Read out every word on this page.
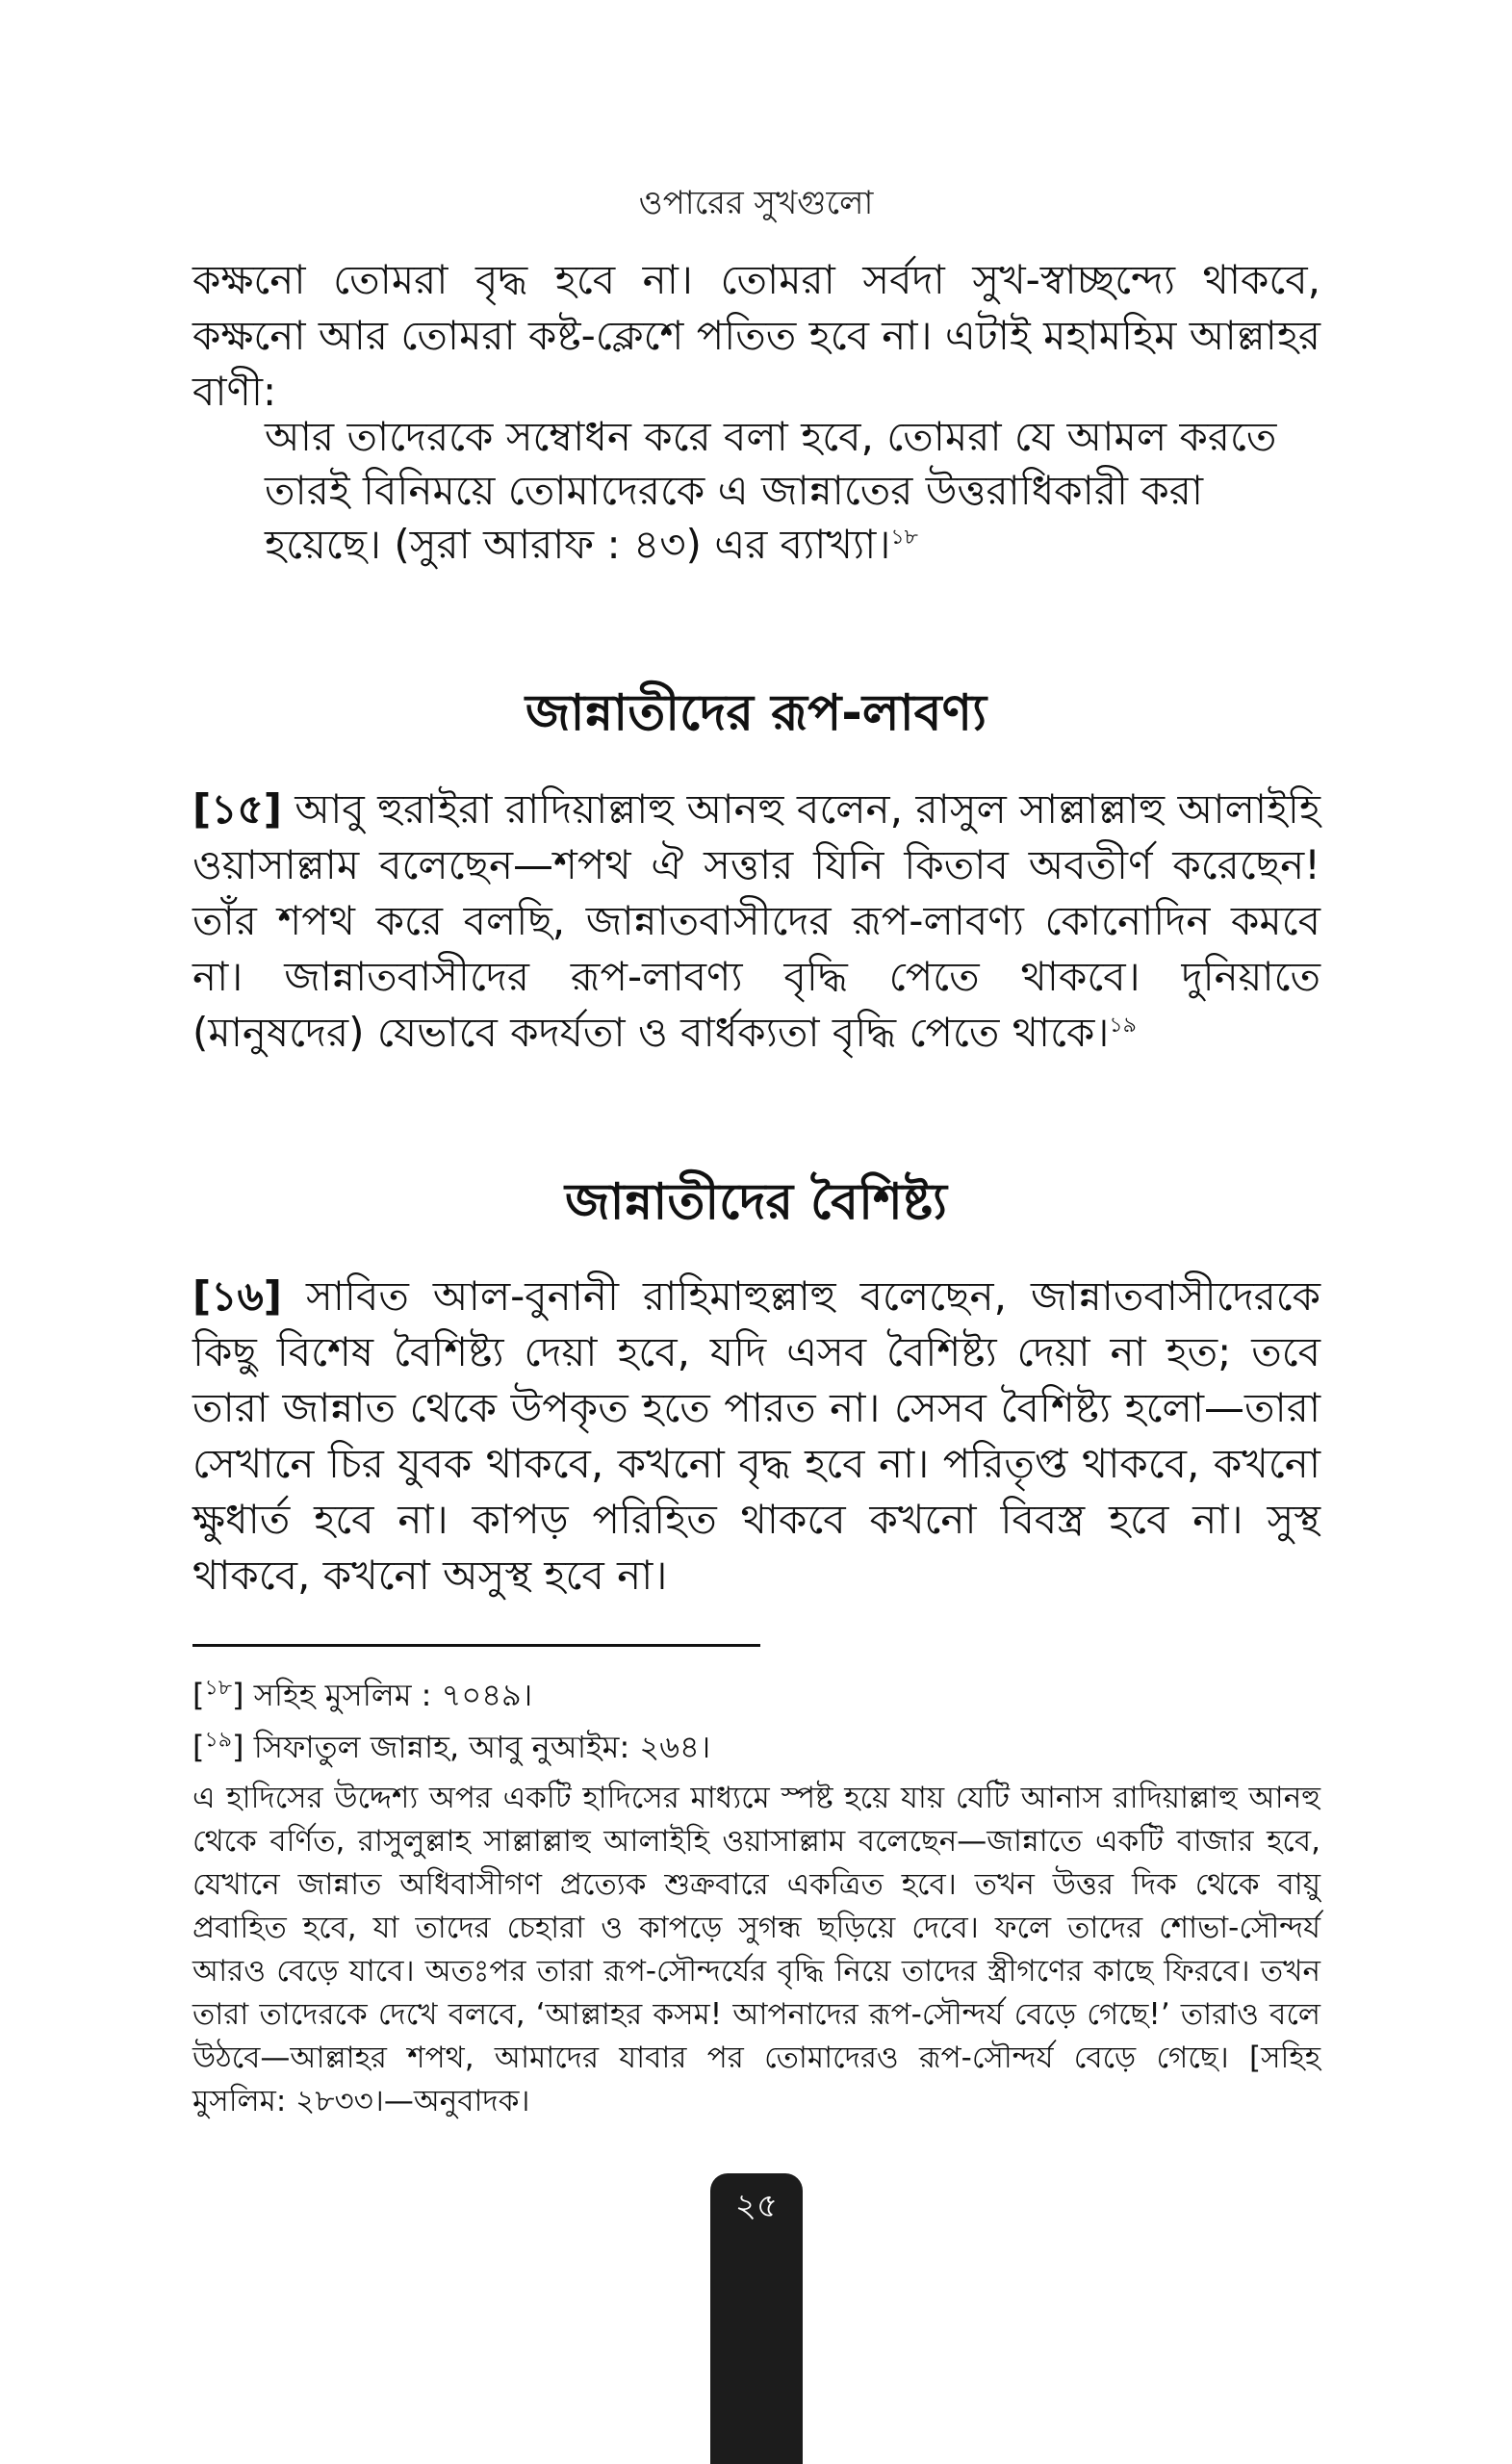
ওপারের সুখগুলো

কক্ষনো তোমরা বৃদ্ধ হবে না। তোমরা সর্বদা সুখ-স্বাচ্ছন্দ্যে থাকবে, কক্ষনো আর তোমরা কষ্ট-ক্লেশে পতিত হবে না। এটাই মহামহিম আল্লাহর বাণী:

আর তাদেরকে সম্বোধন করে বলা হবে, তোমরা যে আমল করতে তারই বিনিময়ে তোমাদেরকে এ জান্নাতের উত্তরাধিকারী করা হয়েছে। (সুরা আরাফ : ৪৩) এর ব্যাখ্যা।$^{১৮}$

জান্নাতীদের রূপ-লাবণ্য

[১৫] আবু হুরাইরা রাদিয়াল্লাহু আনহু বলেন, রাসুল সাল্লাল্লাহু আলাইহি ওয়াসাল্লাম বলেছেন—শপথ ঐ সত্তার যিনি কিতাব অবতীর্ণ করেছেন! তাঁর শপথ করে বলছি, জান্নাতবাসীদের রূপ-লাবণ্য কোনোদিন কমবে না। জান্নাতবাসীদের রূপ-লাবণ্য বৃদ্ধি পেতে থাকবে। দুনিয়াতে (মানুষদের) যেভাবে কদর্যতা ও বার্ধক্যতা বৃদ্ধি পেতে থাকে।$^{১৯}$

জান্নাতীদের বৈশিষ্ট্য

[১৬] সাবিত আল-বুনানী রাহিমাহুল্লাহু বলেছেন, জান্নাতবাসীদেরকে কিছু বিশেষ বৈশিষ্ট্য দেয়া হবে, যদি এসব বৈশিষ্ট্য দেয়া না হত; তবে তারা জান্নাত থেকে উপকৃত হতে পারত না। সেসব বৈশিষ্ট্য হলো—তারা সেখানে চির যুবক থাকবে, কখনো বৃদ্ধ হবে না। পরিতৃপ্ত থাকবে, কখনো ক্ষুধার্ত হবে না। কাপড় পরিহিত থাকবে কখনো বিবস্ত্র হবে না। সুস্থ থাকবে, কখনো অসুস্থ হবে না।

[$^{১৮}$] সহিহ মুসলিম : ৭০৪৯।

[$^{১৯}$] সিফাতুল জান্নাহ, আবু নুআইম: ২৬৪।

এ হাদিসের উদ্দেশ্য অপর একটি হাদিসের মাধ্যমে স্পষ্ট হয়ে যায় যেটি আনাস রাদিয়াল্লাহু আনহু থেকে বর্ণিত, রাসুলুল্লাহ সাল্লাল্লাহু আলাইহি ওয়াসাল্লাম বলেছেন—জান্নাতে একটি বাজার হবে, যেখানে জান্নাত অধিবাসীগণ প্রত্যেক শুক্রবারে একত্রিত হবে। তখন উত্তর দিক থেকে বায়ু প্রবাহিত হবে, যা তাদের চেহারা ও কাপড়ে সুগন্ধ ছড়িয়ে দেবে। ফলে তাদের শোভা-সৌন্দর্য আরও বেড়ে যাবে। অতঃপর তারা রূপ-সৌন্দর্যের বৃদ্ধি নিয়ে তাদের স্ত্রীগণের কাছে ফিরবে। তখন তারা তাদেরকে দেখে বলবে, ‘আল্লাহর কসম! আপনাদের রূপ-সৌন্দর্য বেড়ে গেছে!’ তারাও বলে উঠবে—আল্লাহর শপথ, আমাদের যাবার পর তোমাদেরও রূপ-সৌন্দর্য বেড়ে গেছে। [সহিহ মুসলিম: ২৮৩৩।—অনুবাদক।

২৫
